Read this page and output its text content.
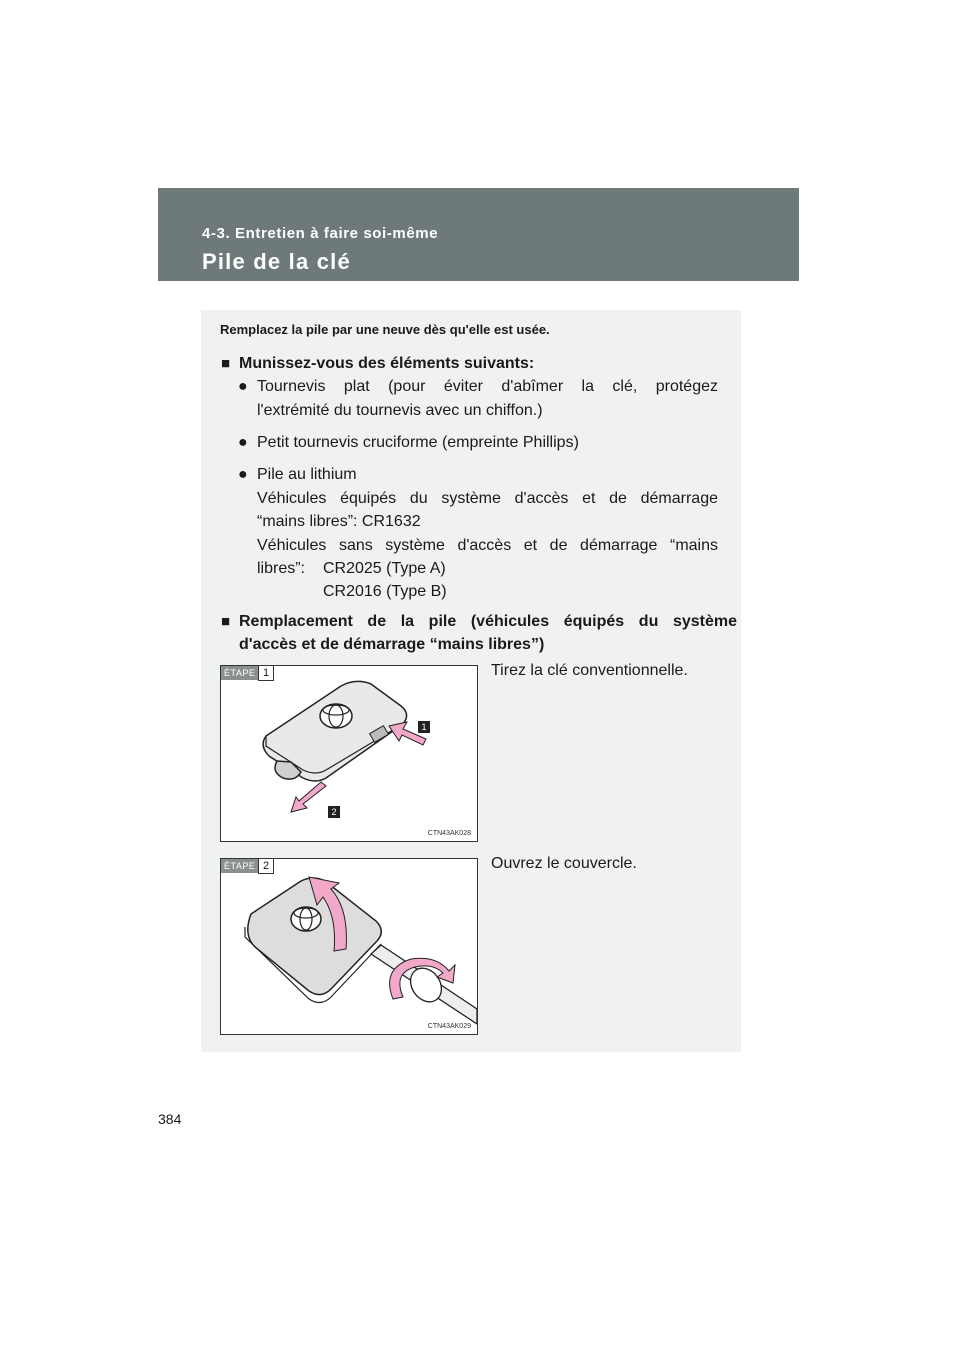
4-3. Entretien à faire soi-même
Pile de la clé
Remplacez la pile par une neuve dès qu'elle est usée.
■ Munissez-vous des éléments suivants:
● Tournevis plat (pour éviter d'abîmer la clé, protégez
l'extrémité du tournevis avec un chiffon.)
● Petit tournevis cruciforme (empreinte Phillips)
● Pile au lithium
Véhicules équipés du système d'accès et de démarrage
“mains libres”: CR1632
Véhicules sans système d'accès et de démarrage “mains
libres”: CR2025 (Type A)
CR2016 (Type B)
■ Remplacement de la pile (véhicules équipés du système
d'accès et de démarrage “mains libres”)
ÉTAPE 1
1
2
CTN43AK028
Tirez la clé conventionnelle.
ÉTAPE 2
CTN43AK029
Ouvrez le couvercle.
384
